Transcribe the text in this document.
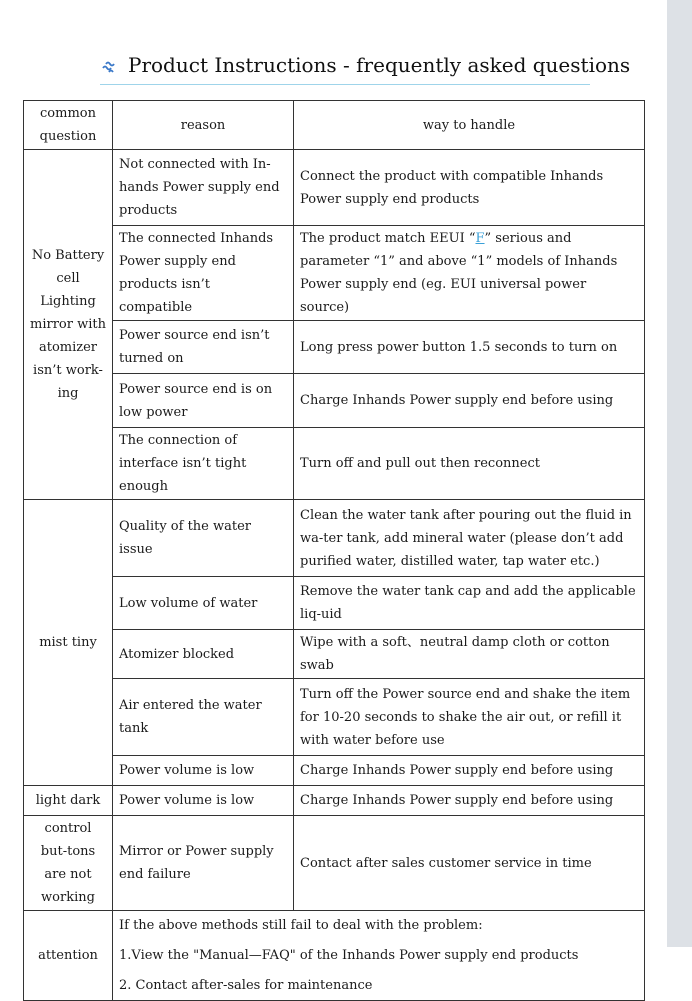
Product Instructions - frequently asked questions
common question	reason	way to handle
No Battery cell Lighting mirror with atomizer isn’t work-ing	Not connected with In-hands Power supply end products	Connect the product with compatible Inhands Power supply end products
	The connected Inhands Power supply end products isn’t compatible	The product match EEUI “F” serious and parameter “1” and above “1” models of Inhands Power supply end (eg. EUI universal power source)
	Power source end isn’t turned on	Long press power button 1.5 seconds to turn on
	Power source end is on low power	Charge Inhands Power supply end before using
	The connection of interface isn’t tight enough	Turn off and pull out then reconnect
mist tiny	Quality of the water issue	Clean the water tank after pouring out the fluid in wa-ter tank, add mineral water (please don’t add purified water, distilled water, tap water etc.)
	Low volume of water	Remove the water tank cap and add the applicable liq-uid
	Atomizer blocked	Wipe with a soft、neutral damp cloth or cotton swab
	Air entered the water tank	Turn off the Power source end and shake the item for 10-20 seconds to shake the air out, or refill it with water before use
	Power volume is low	Charge Inhands Power supply end before using
light dark	Power volume is low	Charge Inhands Power supply end before using
control but-tons are not working	Mirror or Power supply end failure	Contact after sales customer service in time
attention	If the above methods still fail to deal with the problem:
1.View the "Manual—FAQ" of the Inhands Power supply end products
2. Contact after-sales for maintenance	
